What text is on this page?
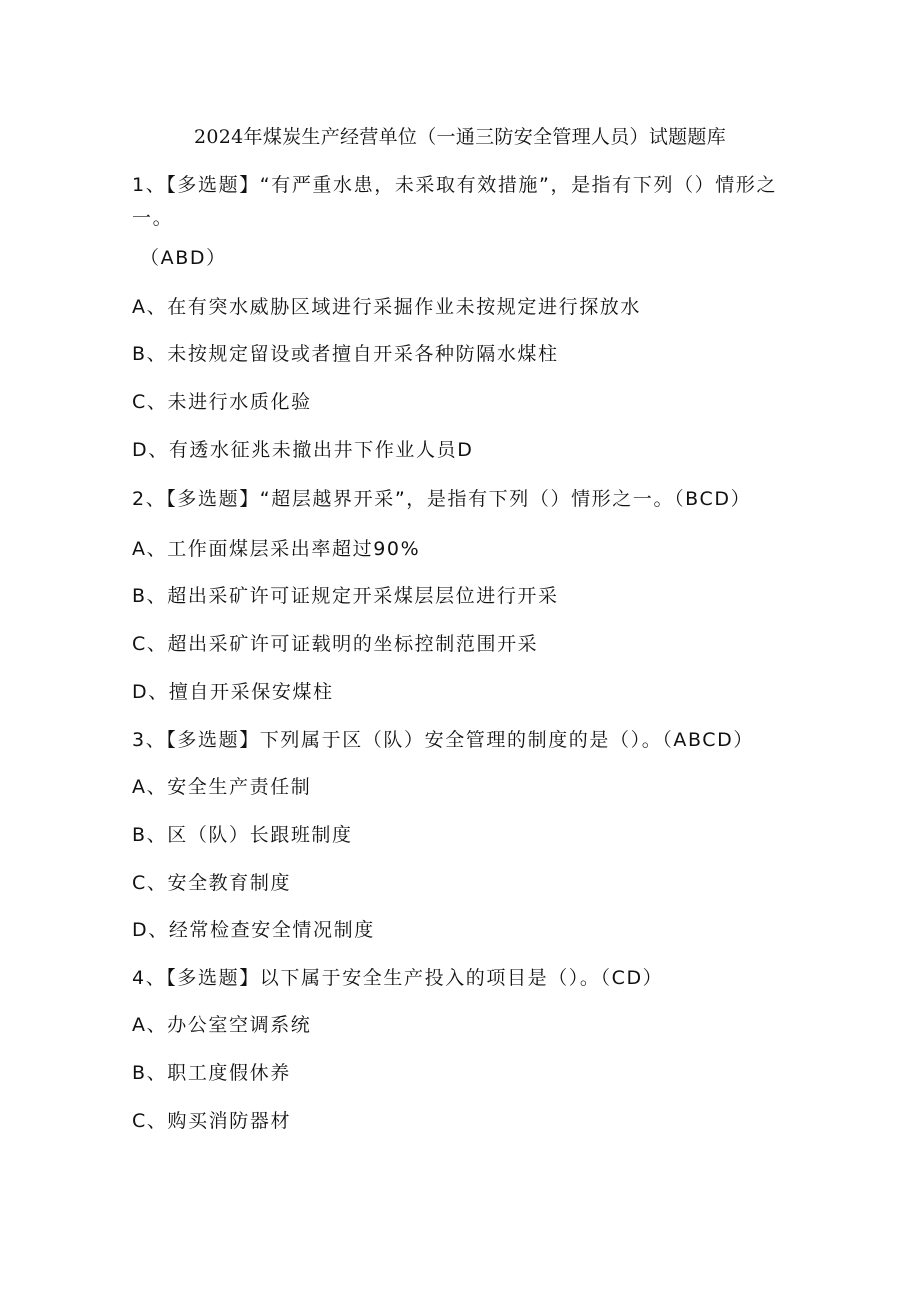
2024年煤炭生产经营单位（一通三防安全管理人员）试题题库
1、【多选题】“有严重水患，未采取有效措施”，是指有下列（）情形之一。
（ABD）
A、在有突水威胁区域进行采掘作业未按规定进行探放水
B、未按规定留设或者擅自开采各种防隔水煤柱
C、未进行水质化验
D、有透水征兆未撤出井下作业人员D
2、【多选题】“超层越界开采”，是指有下列（）情形之一。（BCD）
A、工作面煤层采出率超过90%
B、超出采矿许可证规定开采煤层层位进行开采
C、超出采矿许可证载明的坐标控制范围开采
D、擅自开采保安煤柱
3、【多选题】下列属于区（队）安全管理的制度的是（）。（ABCD）
A、安全生产责任制
B、区（队）长跟班制度
C、安全教育制度
D、经常检查安全情况制度
4、【多选题】以下属于安全生产投入的项目是（）。（CD）
A、办公室空调系统
B、职工度假休养
C、购买消防器材
